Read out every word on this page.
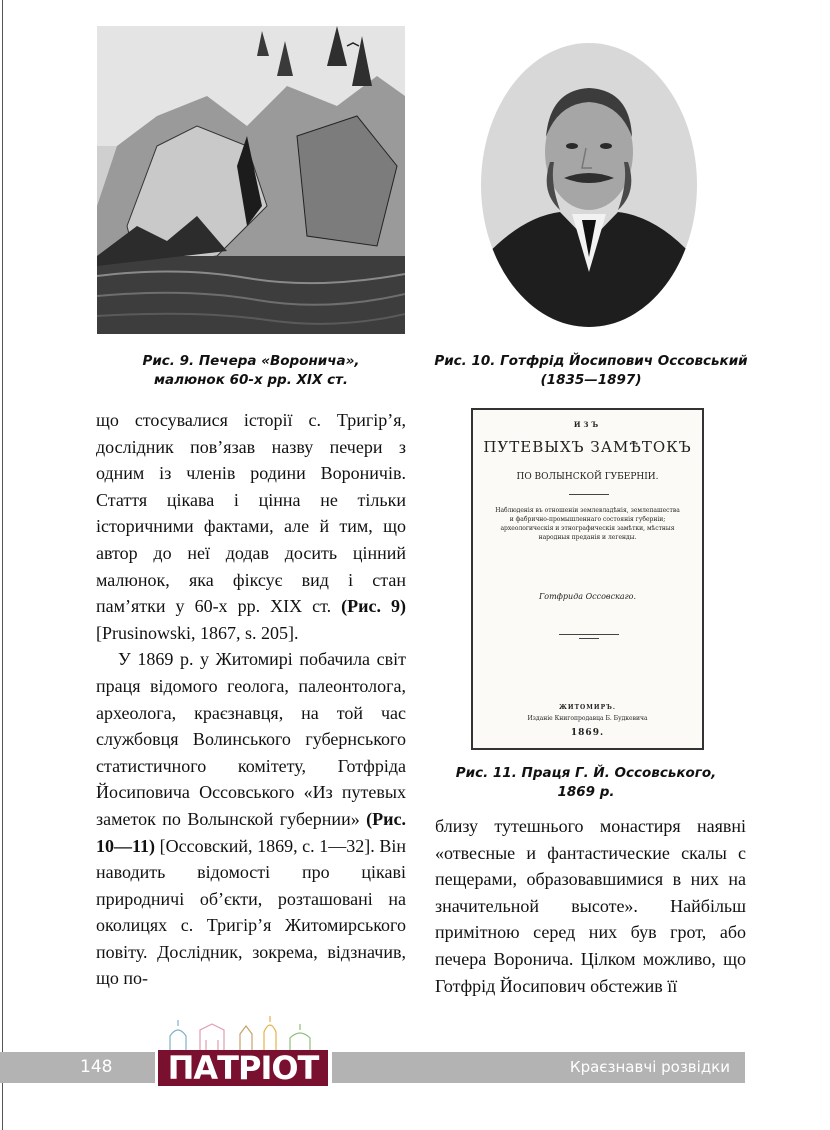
Рис. 9. Печера «Воронича»,
малюнок 60-х рр. ХІХ ст.
Рис. 10. Готфрід Йосипович Оссовський
(1835—1897)
ИЗЪ
ПУТЕВЫХЪ ЗАМѢТОКЪ
ПО ВОЛЫНСКОЙ ГУБЕРНІИ.
Наблюденія въ отношеніи землевладѣнія, землепашества и фабрично-промышленнаго состоянія губерніи; археологическія и этнографическія замѣтки, мѣстныя народныя преданія и легенды.
Готфрида Оссовскаго.
ЖИТОМИРЪ.
Изданіе Книгопродавца Б. Будкевича
1869.
Рис. 11. Праця Г. Й. Оссовського,
1869 р.

що стосувалися історії с. Тригір’я, дослідник пов’язав назву печери з одним із членів родини Вороничів. Стаття цікава і цінна не тільки історичними фактами, але й тим, що автор до неї додав досить цінний малюнок, яка фіксує вид і стан пам’ятки у 60-х рр. ХІХ ст. (Рис. 9) [Prusinowski, 1867, s. 205].

У 1869 р. у Житомирі побачила світ праця відомого геолога, палеонтолога, археолога, краєзнавця, на той час службовця Волинського губернського статистичного комітету, Готфріда Йосиповича Оссовського «Из путевых заметок по Волынской губернии» (Рис. 10—11) [Оссовский, 1869, с. 1—32]. Він наводить відомості про цікаві природничі об’єкти, розташовані на околицях с. Тригір’я Житомирського повіту. Дослідник, зокрема, відзначив, що по-

близу тутешнього монастиря наявні «отвесные и фантастические скалы с пещерами, образовавшимися в них на значительной высоте». Найбільш примітною серед них був грот, або печера Воронича. Цілком можливо, що Готфрід Йосипович обстежив її

148	ПАТРІОТ	Краєзнавчі розвідки
